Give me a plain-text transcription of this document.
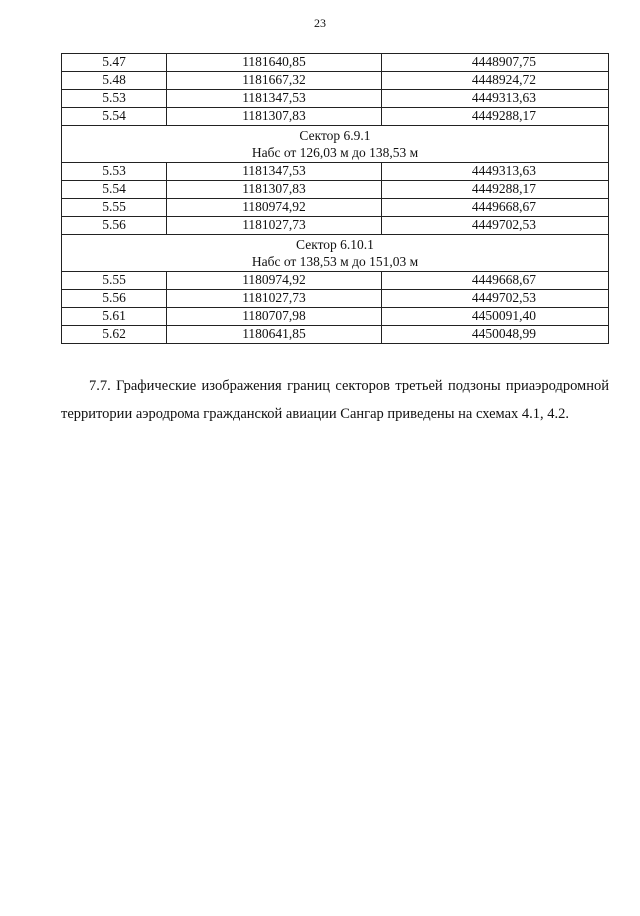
23
5.47	1181640,85	4448907,75
5.48	1181667,32	4448924,72
5.53	1181347,53	4449313,63
5.54	1181307,83	4449288,17

Сектор 6.9.1
Набс от 126,03 м до 138,53 м		

5.53	1181347,53	4449313,63
5.54	1181307,83	4449288,17
5.55	1180974,92	4449668,67
5.56	1181027,73	4449702,53

Сектор 6.10.1
Набс от 138,53 м до 151,03 м		

5.55	1180974,92	4449668,67
5.56	1181027,73	4449702,53
5.61	1180707,98	4450091,40
5.62	1180641,85	4450048,99

7.7. Графические изображения границ секторов третьей подзоны приаэродромной территории аэродрома гражданской авиации Сангар приведены на схемах 4.1, 4.2.
